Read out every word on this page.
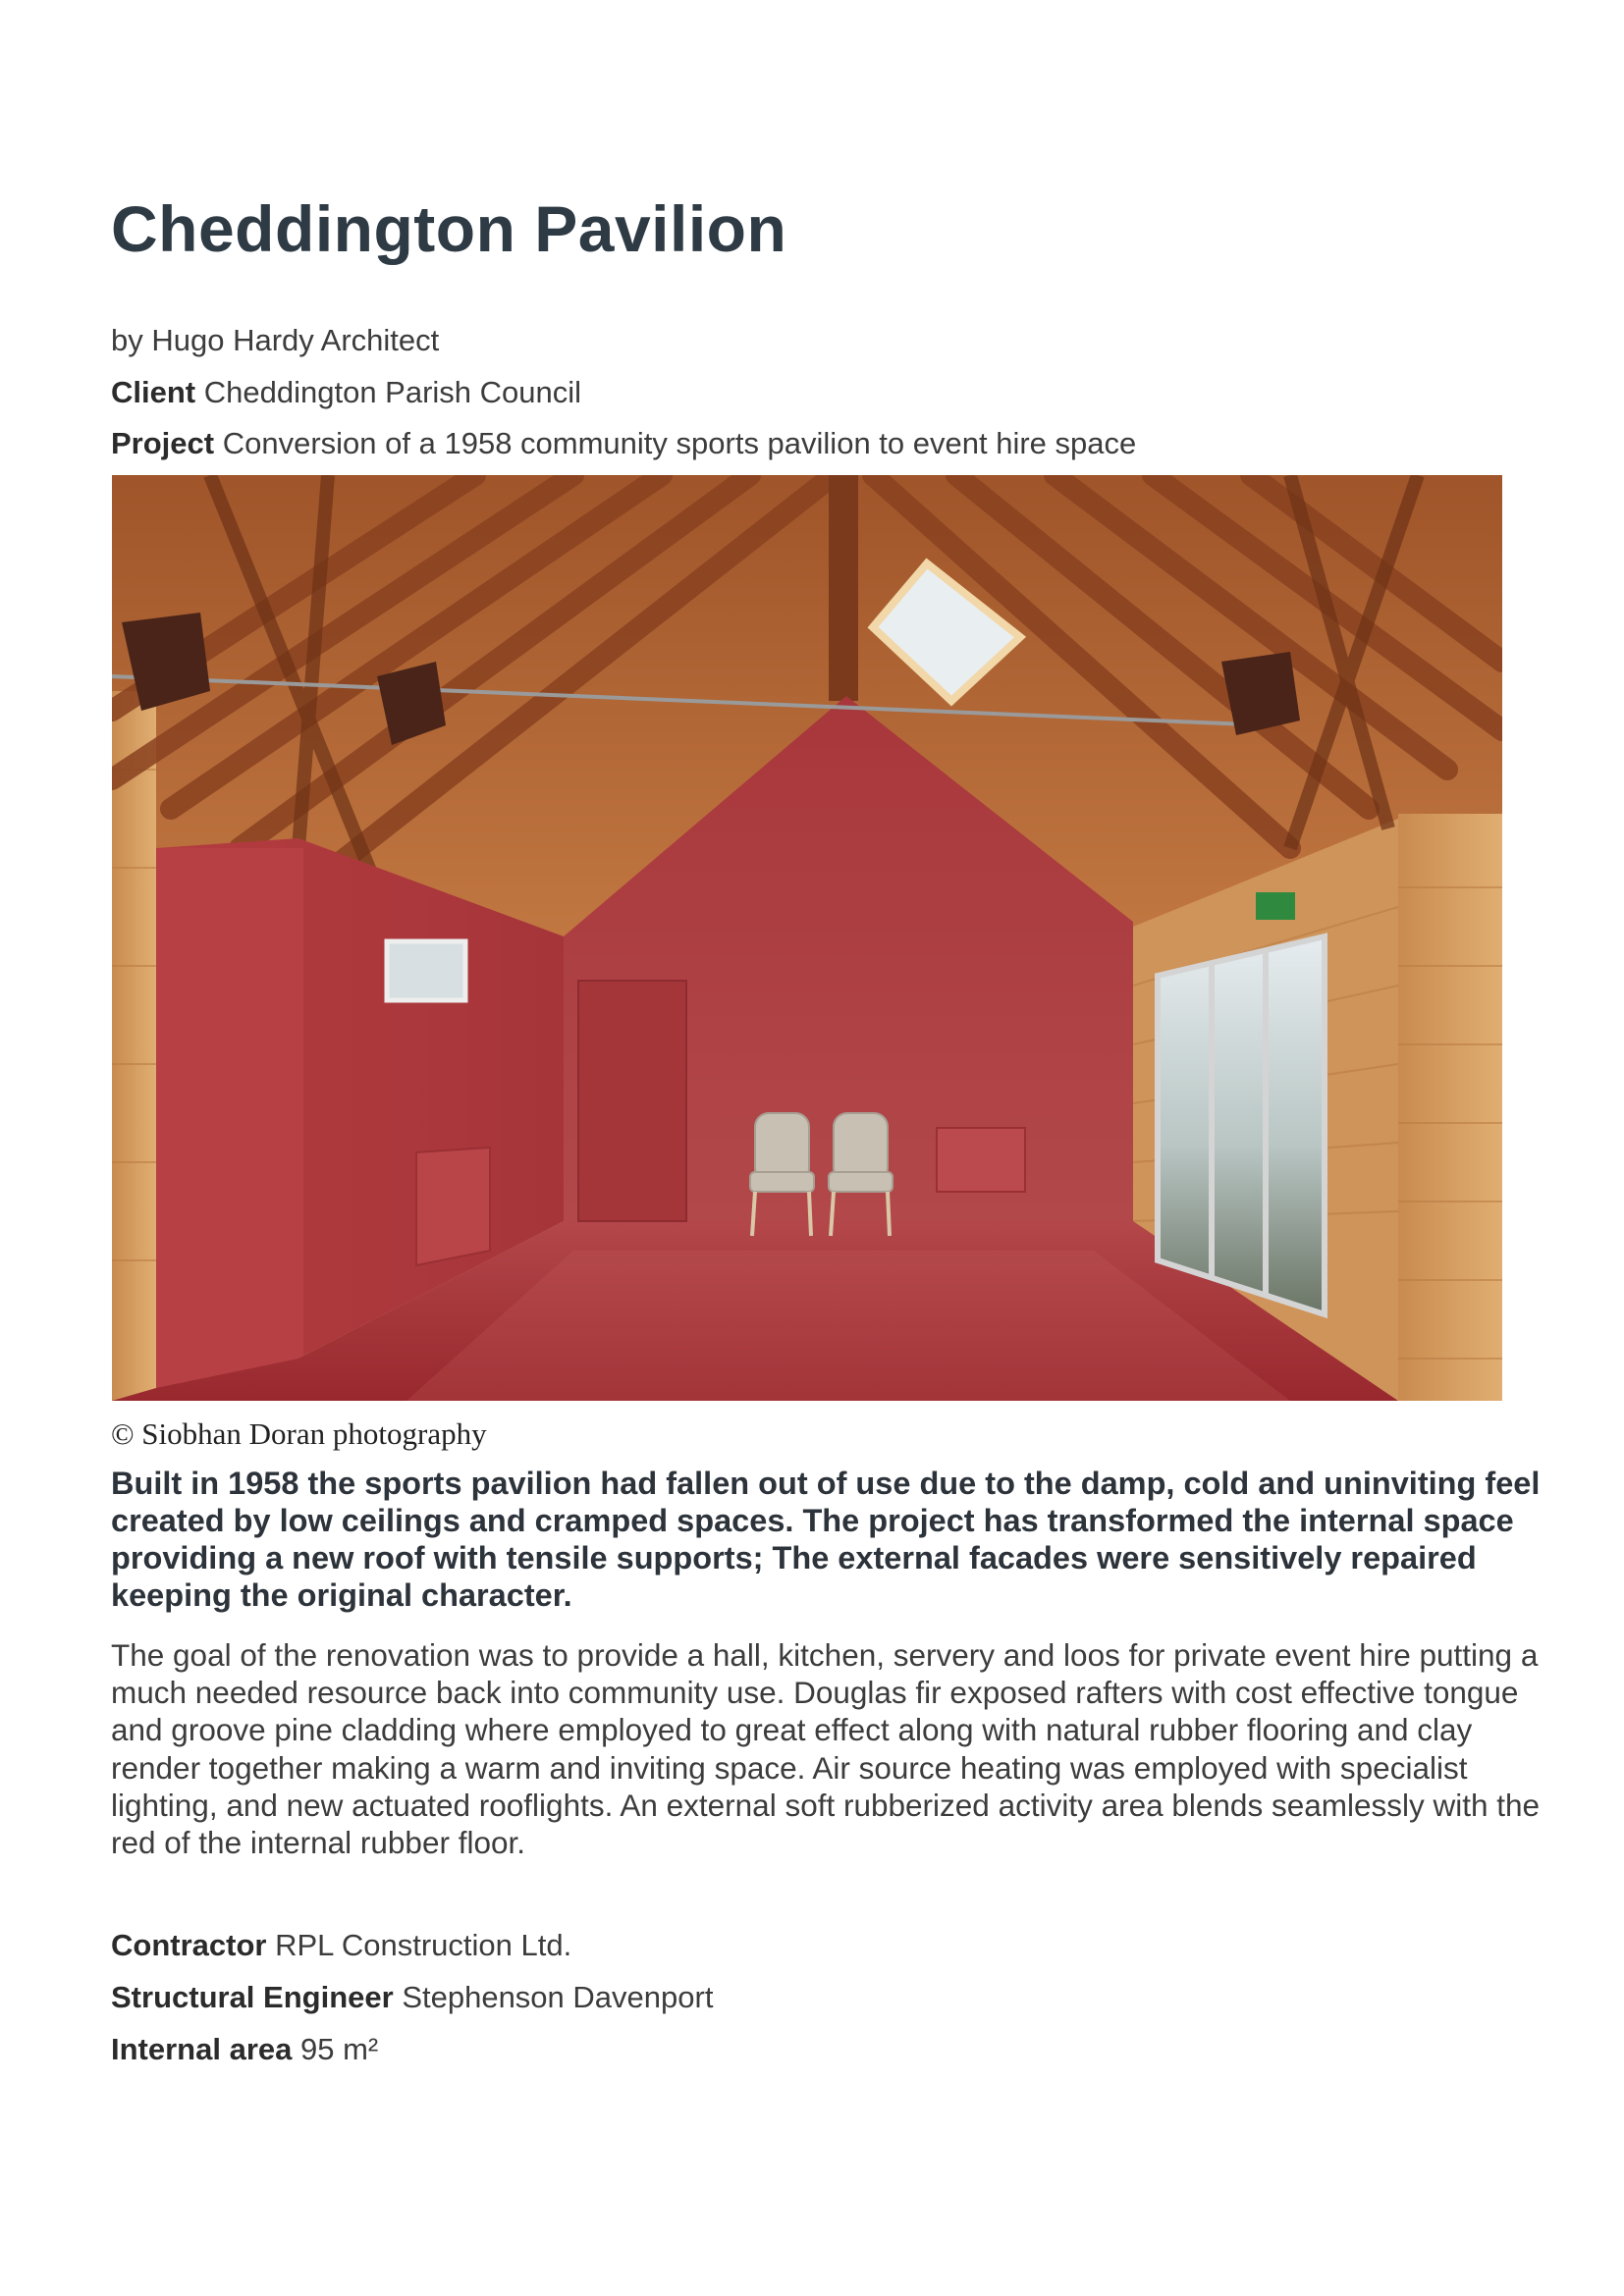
Cheddington Pavilion
by Hugo Hardy Architect
Client Cheddington Parish Council
Project Conversion of a 1958 community sports pavilion to event hire space
© Siobhan Doran photography

Built in 1958 the sports pavilion had fallen out of use due to the damp, cold and uninviting feel created by low ceilings and cramped spaces. The project has transformed the internal space providing a new roof with tensile supports; The external facades were sensitively repaired keeping the original character.

The goal of the renovation was to provide a hall, kitchen, servery and loos for private event hire putting a much needed resource back into community use. Douglas fir exposed rafters with cost effective tongue and groove pine cladding where employed to great effect along with natural rubber flooring and clay render together making a warm and inviting space. Air source heating was employed with specialist lighting, and new actuated rooflights. An external soft rubberized activity area blends seamlessly with the red of the internal rubber floor.

Contractor RPL Construction Ltd.
Structural Engineer Stephenson Davenport
Internal area 95 m²
